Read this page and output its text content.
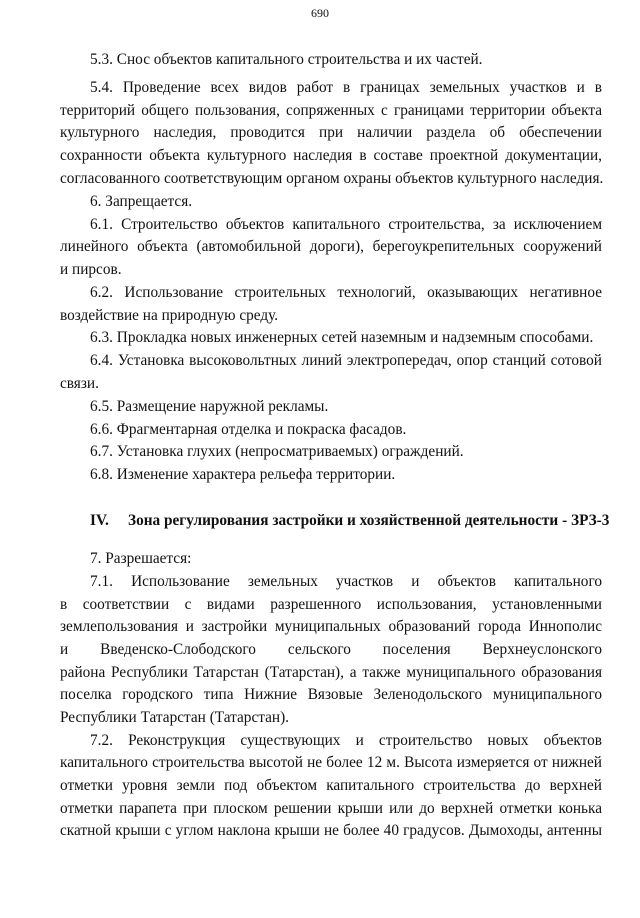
690
5.3. Снос объектов капитального строительства и их частей.
5.4. Проведение всех видов работ в границах земельных участков и в
территорий общего пользования, сопряженных с границами территории объекта
культурного наследия, проводится при наличии раздела об обеспечении
сохранности объекта культурного наследия в составе проектной документации,
согласованного соответствующим органом охраны объектов культурного наследия.
6. Запрещается.
6.1. Строительство объектов капитального строительства, за исключением
линейного объекта (автомобильной дороги), берегоукрепительных сооружений
и пирсов.
6.2. Использование строительных технологий, оказывающих негативное
воздействие на природную среду.
6.3. Прокладка новых инженерных сетей наземным и надземным способами.
6.4. Установка высоковольтных линий электропередач, опор станций сотовой
связи.
6.5. Размещение наружной рекламы.
6.6. Фрагментарная отделка и покраска фасадов.
6.7. Установка глухих (непросматриваемых) ограждений.
6.8. Изменение характера рельефа территории.
IV. Зона регулирования застройки и хозяйственной деятельности - ЗРЗ-3
7. Разрешается:
7.1. Использование земельных участков и объектов капитального
в соответствии с видами разрешенного использования, установленными
землепользования и застройки муниципальных образований города Иннополис
и Введенско-Слободского сельского поселения Верхнеуслонского
района Республики Татарстан (Татарстан), а также муниципального образования
поселка городского типа Нижние Вязовые Зеленодольского муниципального
Республики Татарстан (Татарстан).
7.2. Реконструкция существующих и строительство новых объектов
капитального строительства высотой не более 12 м. Высота измеряется от нижней
отметки уровня земли под объектом капитального строительства до верхней
отметки парапета при плоском решении крыши или до верхней отметки конька
скатной крыши с углом наклона крыши не более 40 градусов. Дымоходы, антенны
